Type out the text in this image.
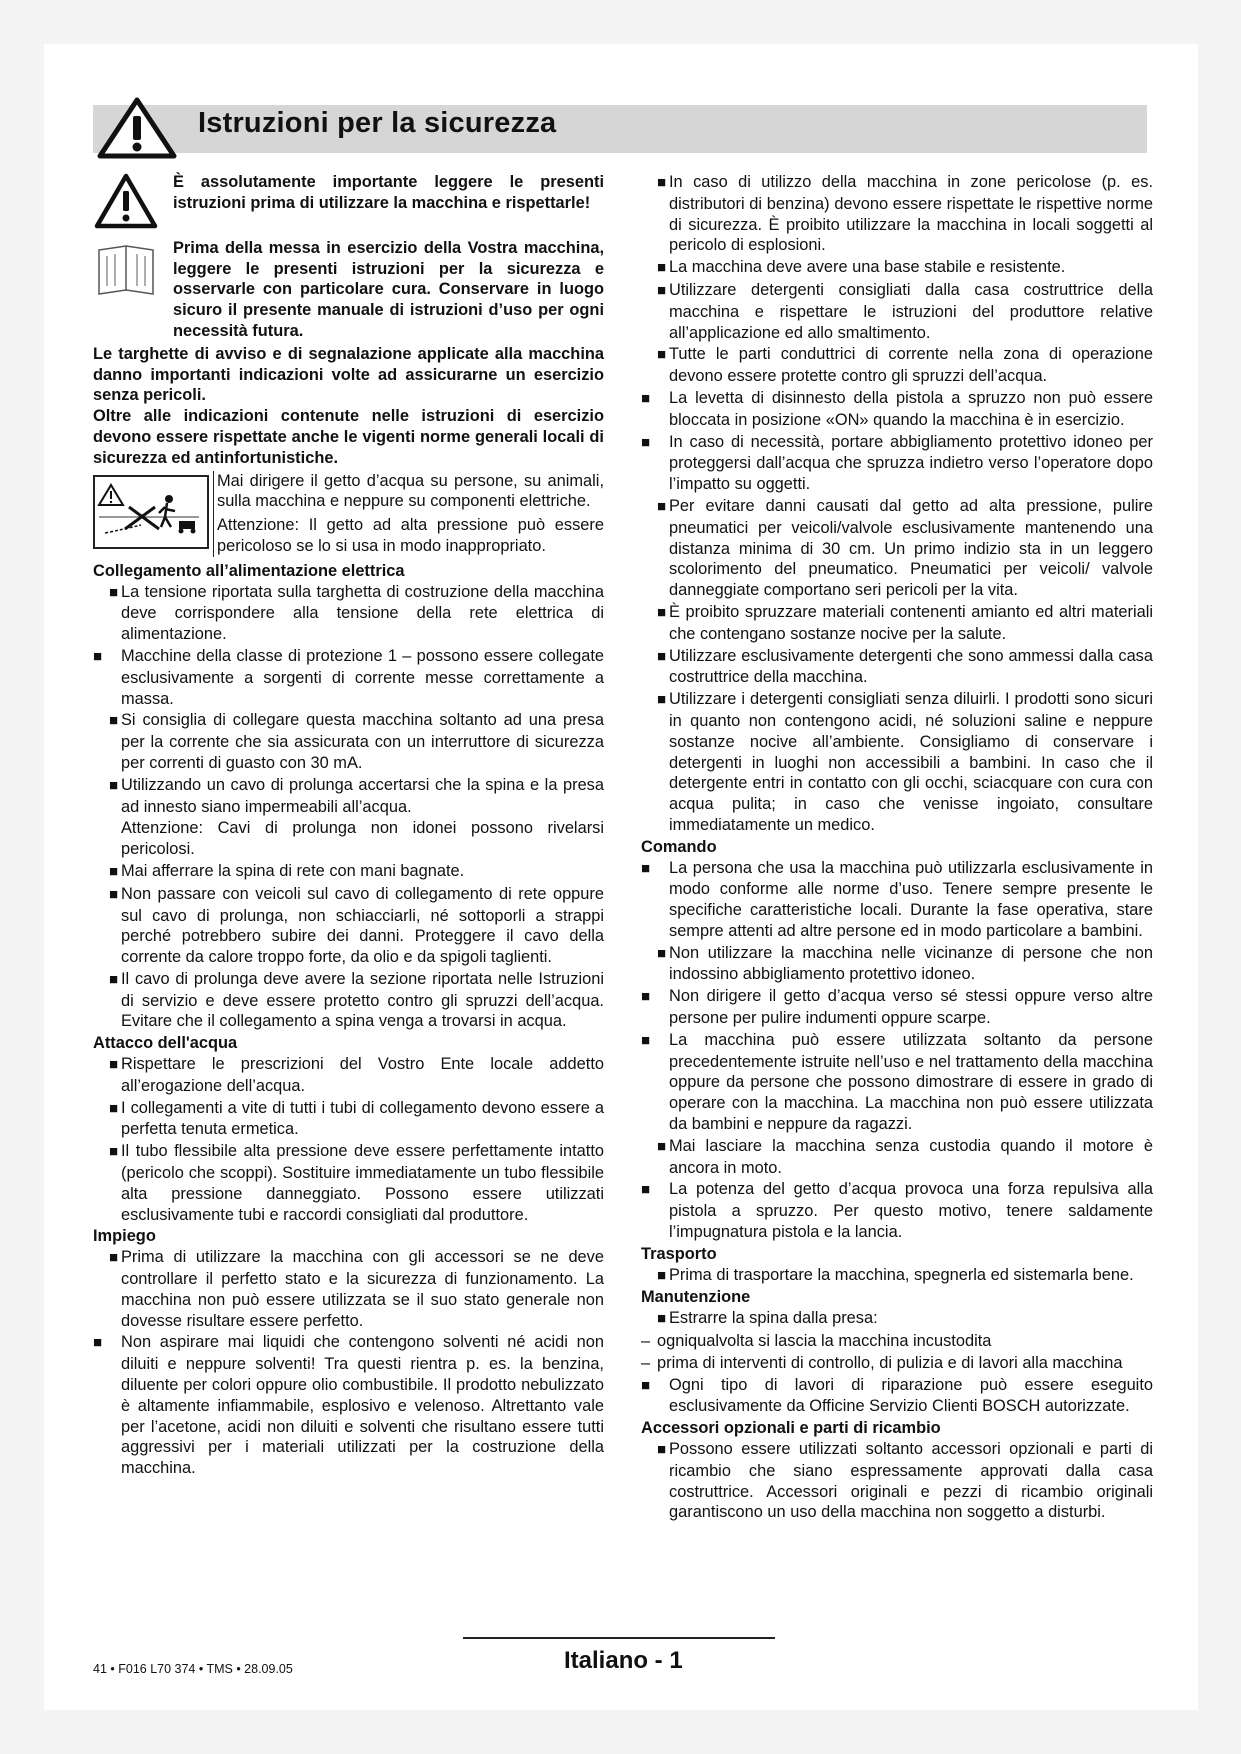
Istruzioni per la sicurezza

È assolutamente importante leggere le presenti istruzioni prima di utilizzare la macchina e rispettarle!

Prima della messa in esercizio della Vostra macchina, leggere le presenti istruzioni per la sicurezza e osservarle con particolare cura. Conservare in luogo sicuro il presente manuale di istruzioni d’uso per ogni necessità futura.

Le targhette di avviso e di segnalazione applicate alla macchina danno importanti indicazioni volte ad assicurarne un esercizio senza pericoli.

Oltre alle indicazioni contenute nelle istruzioni di esercizio devono essere rispettate anche le vigenti norme generali locali di sicurezza ed antinfortunistiche.

Mai dirigere il getto d’acqua su persone, su animali, sulla macchina e neppure su componenti elettriche.

Attenzione: Il getto ad alta pressione può essere pericoloso se lo si usa in modo inappropriato.

Collegamento all’alimentazione elettrica

■ La tensione riportata sulla targhetta di costruzione della macchina deve corrispondere alla tensione della rete elettrica di alimentazione.

■ Macchine della classe di protezione 1 – possono essere collegate esclusivamente a sorgenti di corrente messe correttamente a massa.

■ Si consiglia di collegare questa macchina soltanto ad una presa per la corrente che sia assicurata con un interruttore di sicurezza per correnti di guasto con 30 mA.

■ Utilizzando un cavo di prolunga accertarsi che la spina e la presa ad innesto siano impermeabili all’acqua.

Attenzione: Cavi di prolunga non idonei possono rivelarsi pericolosi.

■ Mai afferrare la spina di rete con mani bagnate.

■ Non passare con veicoli sul cavo di collegamento di rete oppure sul cavo di prolunga, non schiacciarli, né sottoporli a strappi perché potrebbero subire dei danni. Proteggere il cavo della corrente da calore troppo forte, da olio e da spigoli taglienti.

■ Il cavo di prolunga deve avere la sezione riportata nelle Istruzioni di servizio e deve essere protetto contro gli spruzzi dell’acqua. Evitare che il collegamento a spina venga a trovarsi in acqua.

Attacco dell'acqua

■ Rispettare le prescrizioni del Vostro Ente locale addetto all’erogazione dell’acqua.

■ I collegamenti a vite di tutti i tubi di collegamento devono essere a perfetta tenuta ermetica.

■ Il tubo flessibile alta pressione deve essere perfettamente intatto (pericolo che scoppi). Sostituire immediatamente un tubo flessibile alta pressione danneggiato. Possono essere utilizzati esclusivamente tubi e raccordi consigliati dal produttore.

Impiego

■ Prima di utilizzare la macchina con gli accessori se ne deve controllare il perfetto stato e la sicurezza di funzionamento. La macchina non può essere utilizzata se il suo stato generale non dovesse risultare essere perfetto.

■ Non aspirare mai liquidi che contengono solventi né acidi non diluiti e neppure solventi! Tra questi rientra p. es. la benzina, diluente per colori oppure olio combustibile. Il prodotto nebulizzato è altamente infiammabile, esplosivo e velenoso. Altrettanto vale per l’acetone, acidi non diluiti e solventi che risultano essere tutti aggressivi per i materiali utilizzati per la costruzione della macchina.

■ In caso di utilizzo della macchina in zone pericolose (p. es. distributori di benzina) devono essere rispettate le rispettive norme di sicurezza. È proibito utilizzare la macchina in locali soggetti al pericolo di esplosioni.

■ La macchina deve avere una base stabile e resistente.

■ Utilizzare detergenti consigliati dalla casa costruttrice della macchina e rispettare le istruzioni del produttore relative all’applicazione ed allo smaltimento.

■ Tutte le parti conduttrici di corrente nella zona di operazione devono essere protette contro gli spruzzi dell’acqua.

■ La levetta di disinnesto della pistola a spruzzo non può essere bloccata in posizione «ON» quando la macchina è in esercizio.

■ In caso di necessità, portare abbigliamento protettivo idoneo per proteggersi dall’acqua che spruzza indietro verso l’operatore dopo l’impatto su oggetti.

■ Per evitare danni causati dal getto ad alta pressione, pulire pneumatici per veicoli/valvole esclusivamente mantenendo una distanza minima di 30 cm. Un primo indizio sta in un leggero scolorimento del pneumatico. Pneumatici per veicoli/ valvole danneggiate comportano seri pericoli per la vita.

■ È proibito spruzzare materiali contenenti amianto ed altri materiali che contengano sostanze nocive per la salute.

■ Utilizzare esclusivamente detergenti che sono ammessi dalla casa costruttrice della macchina.

■ Utilizzare i detergenti consigliati senza diluirli. I prodotti sono sicuri in quanto non contengono acidi, né soluzioni saline e neppure sostanze nocive all’ambiente. Consigliamo di conservare i detergenti in luoghi non accessibili a bambini. In caso che il detergente entri in contatto con gli occhi, sciacquare con cura con acqua pulita; in caso che venisse ingoiato, consultare immediatamente un medico.

Comando

■ La persona che usa la macchina può utilizzarla esclusivamente in modo conforme alle norme d’uso. Tenere sempre presente le specifiche caratteristiche locali. Durante la fase operativa, stare sempre attenti ad altre persone ed in modo particolare a bambini.

■ Non utilizzare la macchina nelle vicinanze di persone che non indossino abbigliamento protettivo idoneo.

■ Non dirigere il getto d’acqua verso sé stessi oppure verso altre persone per pulire indumenti oppure scarpe.

■ La macchina può essere utilizzata soltanto da persone precedentemente istruite nell’uso e nel trattamento della macchina oppure da persone che possono dimostrare di essere in grado di operare con la macchina. La macchina non può essere utilizzata da bambini e neppure da ragazzi.

■ Mai lasciare la macchina senza custodia quando il motore è ancora in moto.

■ La potenza del getto d’acqua provoca una forza repulsiva alla pistola a spruzzo. Per questo motivo, tenere saldamente l’impugnatura pistola e la lancia.

Trasporto

■ Prima di trasportare la macchina, spegnerla ed sistemarla bene.

Manutenzione

■ Estrarre la spina dalla presa:

– ogniqualvolta si lascia la macchina incustodita

– prima di interventi di controllo, di pulizia e di lavori alla macchina

■ Ogni tipo di lavori di riparazione può essere eseguito esclusivamente da Officine Servizio Clienti BOSCH autorizzate.

Accessori opzionali e parti di ricambio

■ Possono essere utilizzati soltanto accessori opzionali e parti di ricambio che siano espressamente approvati dalla casa costruttrice. Accessori originali e pezzi di ricambio originali garantiscono un uso della macchina non soggetto a disturbi.

41 • F016 L70 374 • TMS • 28.09.05	Italiano - 1
